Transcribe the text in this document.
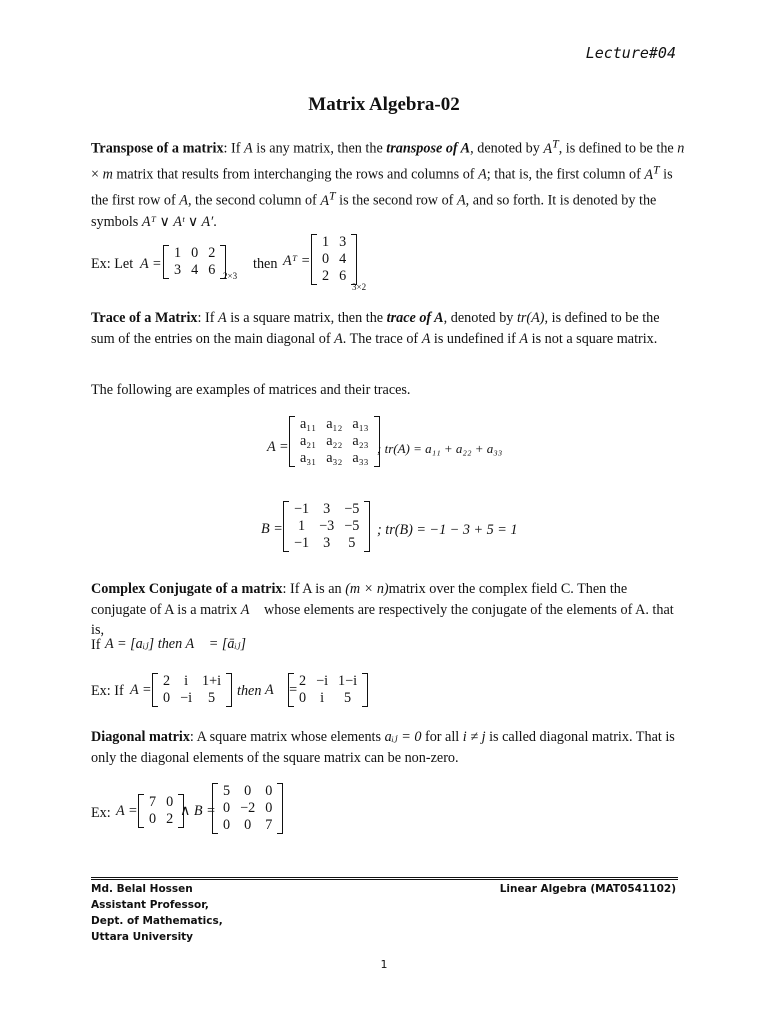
Lecture#04
Matrix Algebra-02
Transpose of a matrix: If A is any matrix, then the transpose of A, denoted by $A^T$, is defined to be the n × m matrix that results from interchanging the rows and columns of A; that is, the first column of $A^T$ is the first row of A, the second column of $A^T$ is the second row of A, and so forth. It is denoted by the symbols Aᵀ ∨ Aᵗ ∨ A′.
Ex: Let A =
1	0	2
3	4	6 2×3
then Aᵀ =
1	3
0	4
2	6
3×2
Trace of a Matrix: If A is a square matrix, then the trace of A, denoted by tr(A), is defined to be the sum of the entries on the main diagonal of A. The trace of A is undefined if A is not a square matrix.
The following are examples of matrices and their traces.
A =
a₁₁	a₁₂	a₁₃
a₂₁	a₂₂	a₂₃
a₃₁	a₃₂	a₃₃
; tr(A) = a₁₁ + a₂₂ + a₃₃
B =
−1	3	−5
1	−3	−5
−1	3	5
; tr(B) = −1 − 3 + 5 = 1
Complex Conjugate of a matrix: If A is an (m × n)matrix over the complex field C. Then the conjugate of A is a matrix A⃗ whose elements are respectively the conjugate of the elements of A. that is,
If A = [aᵢⱼ] then A⃗ = [āᵢⱼ]
Ex: If A =
2	i	1+i
0	−i	5 then A⃗ =
2	−i	1−i
0	i	5
Diagonal matrix: A square matrix whose elements aᵢⱼ = 0 for all i ≠ j is called diagonal matrix. That is only the diagonal elements of the square matrix can be non-zero.
Ex: A =
7	0
0	2 ∧ B =
5	0	0
0	−2	0
0	0	7
Md. Belal Hossen
Assistant Professor,
Dept. of Mathematics,
Uttara University
Linear Algebra (MAT0541102)
1
